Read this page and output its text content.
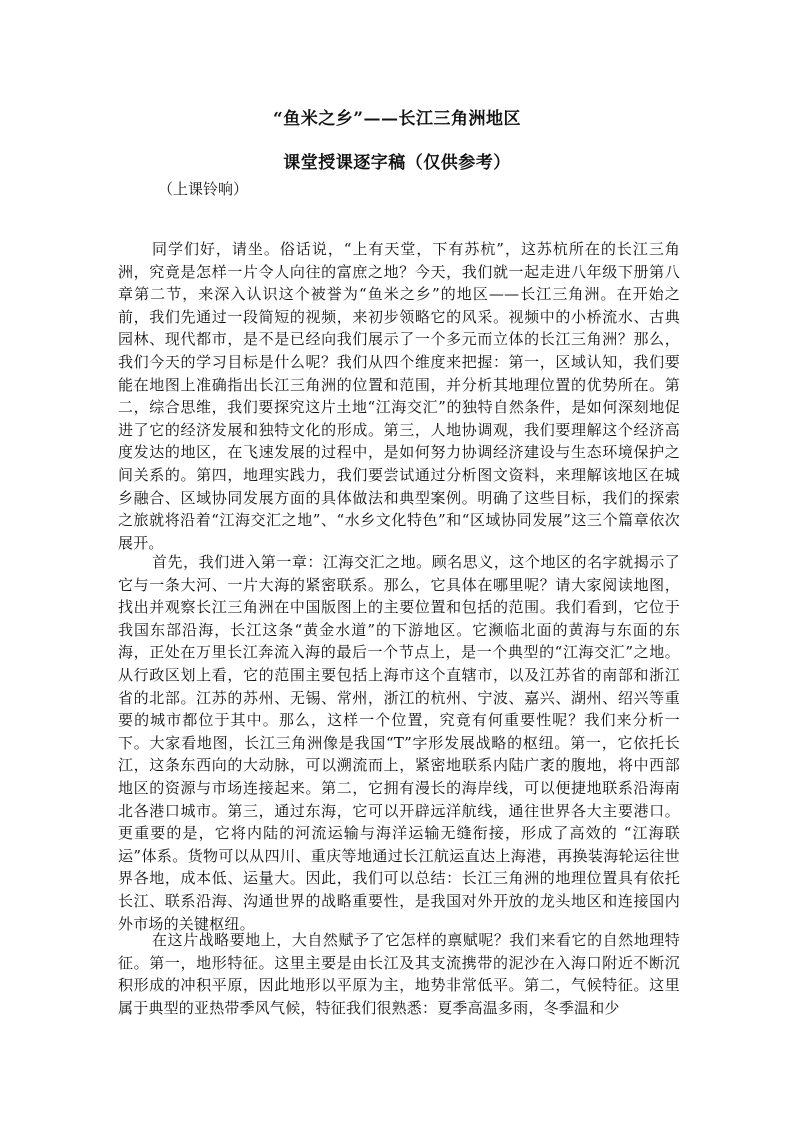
“鱼米之乡”——长江三角洲地区
课堂授课逐字稿（仅供参考）
（上课铃响）

同学们好，请坐。俗话说，“上有天堂，下有苏杭”，这苏杭所在的长江三角洲，究竟是怎样一片令人向往的富庶之地？今天，我们就一起走进八年级下册第八章第二节，来深入认识这个被誉为“鱼米之乡”的地区——长江三角洲。在开始之前，我们先通过一段简短的视频，来初步领略它的风采。视频中的小桥流水、古典园林、现代都市，是不是已经向我们展示了一个多元而立体的长江三角洲？那么，我们今天的学习目标是什么呢？我们从四个维度来把握：第一，区域认知，我们要能在地图上准确指出长江三角洲的位置和范围，并分析其地理位置的优势所在。第二，综合思维，我们要探究这片土地“江海交汇”的独特自然条件，是如何深刻地促进了它的经济发展和独特文化的形成。第三，人地协调观，我们要理解这个经济高度发达的地区，在飞速发展的过程中，是如何努力协调经济建设与生态环境保护之间关系的。第四，地理实践力，我们要尝试通过分析图文资料，来理解该地区在城乡融合、区域协同发展方面的具体做法和典型案例。明确了这些目标，我们的探索之旅就将沿着“江海交汇之地”、“水乡文化特色”和“区域协同发展”这三个篇章依次展开。

首先，我们进入第一章：江海交汇之地。顾名思义，这个地区的名字就揭示了它与一条大河、一片大海的紧密联系。那么，它具体在哪里呢？请大家阅读地图，找出并观察长江三角洲在中国版图上的主要位置和包括的范围。我们看到，它位于我国东部沿海，长江这条“黄金水道”的下游地区。它濒临北面的黄海与东面的东海，正处在万里长江奔流入海的最后一个节点上，是一个典型的“江海交汇”之地。从行政区划上看，它的范围主要包括上海市这个直辖市，以及江苏省的南部和浙江省的北部。江苏的苏州、无锡、常州，浙江的杭州、宁波、嘉兴、湖州、绍兴等重要的城市都位于其中。那么，这样一个位置，究竟有何重要性呢？我们来分析一下。大家看地图，长江三角洲像是我国“T”字形发展战略的枢纽。第一，它依托长江，这条东西向的大动脉，可以溯流而上，紧密地联系内陆广袤的腹地，将中西部地区的资源与市场连接起来。第二，它拥有漫长的海岸线，可以便捷地联系沿海南北各港口城市。第三，通过东海，它可以开辟远洋航线，通往世界各大主要港口。更重要的是，它将内陆的河流运输与海洋运输无缝衔接，形成了高效的 “江海联运”体系。货物可以从四川、重庆等地通过长江航运直达上海港，再换装海轮运往世界各地，成本低、运量大。因此，我们可以总结：长江三角洲的地理位置具有依托长江、联系沿海、沟通世界的战略重要性，是我国对外开放的龙头地区和连接国内外市场的关键枢纽。

在这片战略要地上，大自然赋予了它怎样的禀赋呢？我们来看它的自然地理特征。第一，地形特征。这里主要是由长江及其支流携带的泥沙在入海口附近不断沉积形成的冲积平原，因此地形以平原为主，地势非常低平。第二，气候特征。这里属于典型的亚热带季风气候，特征我们很熟悉：夏季高温多雨，冬季温和少
